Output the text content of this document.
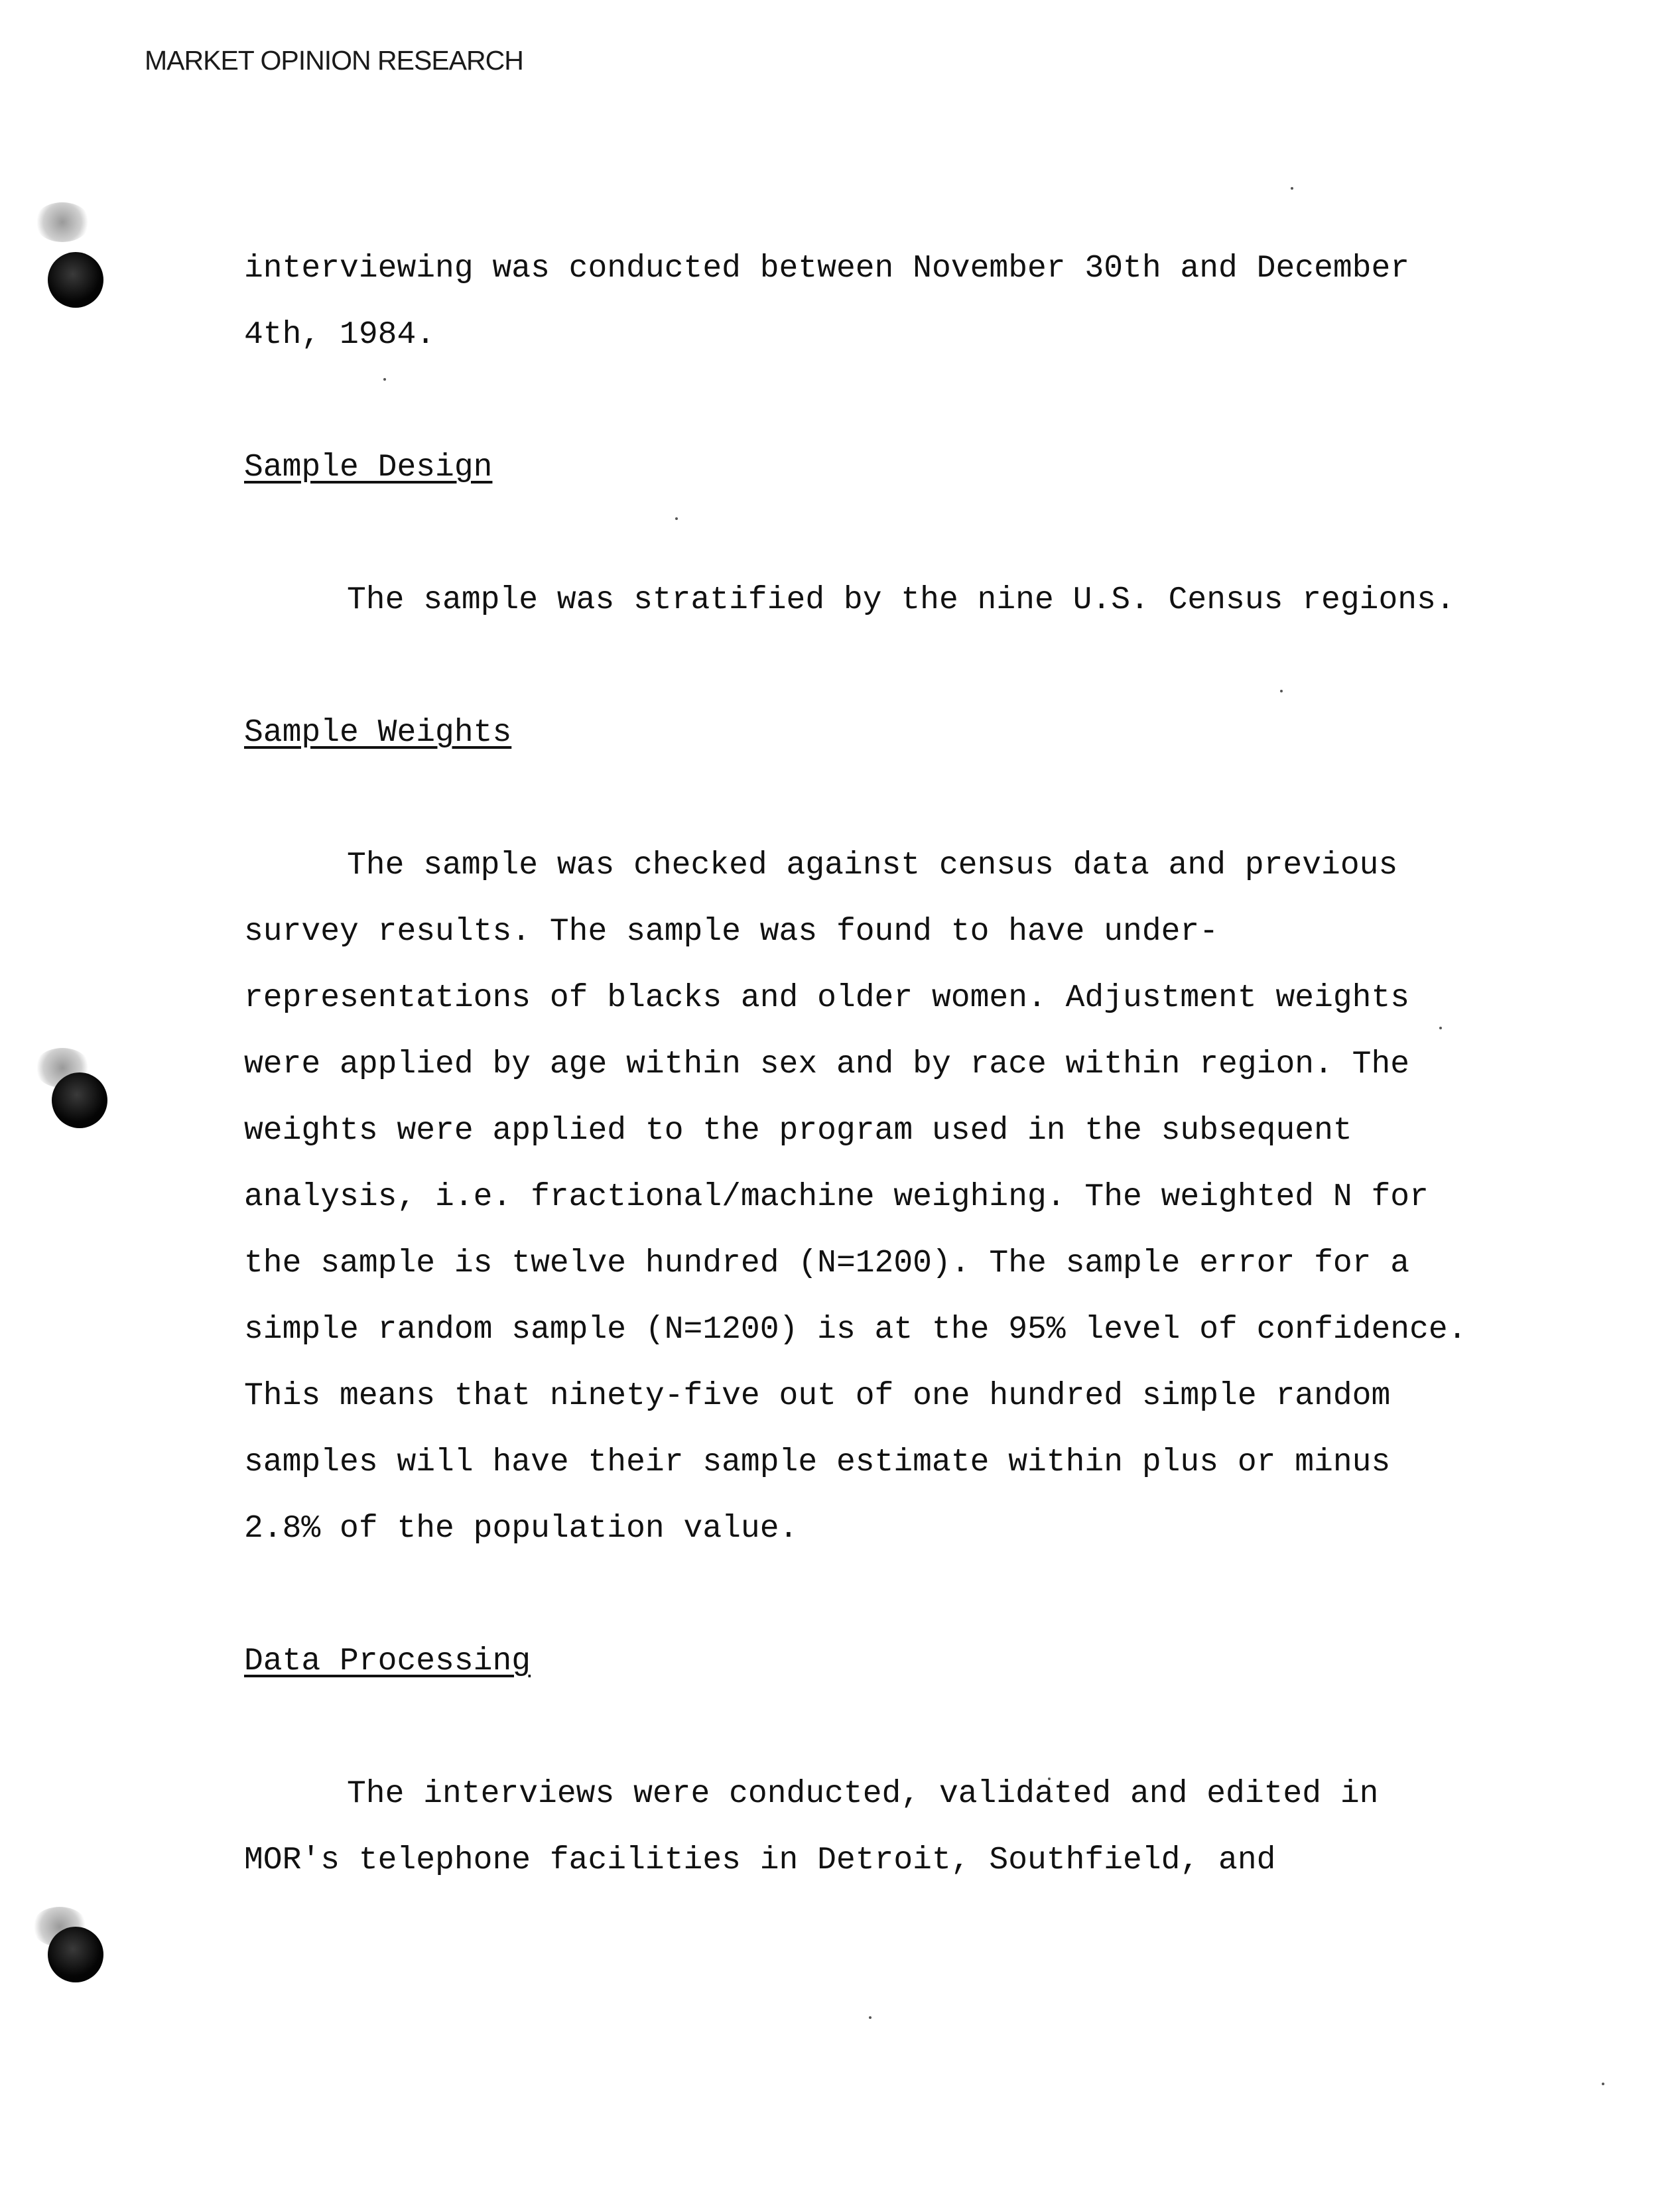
MARKET OPINION RESEARCH

interviewing was conducted between November 30th and December 4th, 1984.

Sample Design

The sample was stratified by the nine U.S. Census regions.

Sample Weights

The sample was checked against census data and previous survey results. The sample was found to have under-representations of blacks and older women. Adjustment weights were applied by age within sex and by race within region. The weights were applied to the program used in the subsequent analysis, i.e. fractional/machine weighing. The weighted N for the sample is twelve hundred (N=1200). The sample error for a simple random sample (N=1200) is at the 95% level of confidence. This means that ninety-five out of one hundred simple random samples will have their sample estimate within plus or minus 2.8% of the population value.

Data Processing

The interviews were conducted, validated and edited in MOR's telephone facilities in Detroit, Southfield, and
